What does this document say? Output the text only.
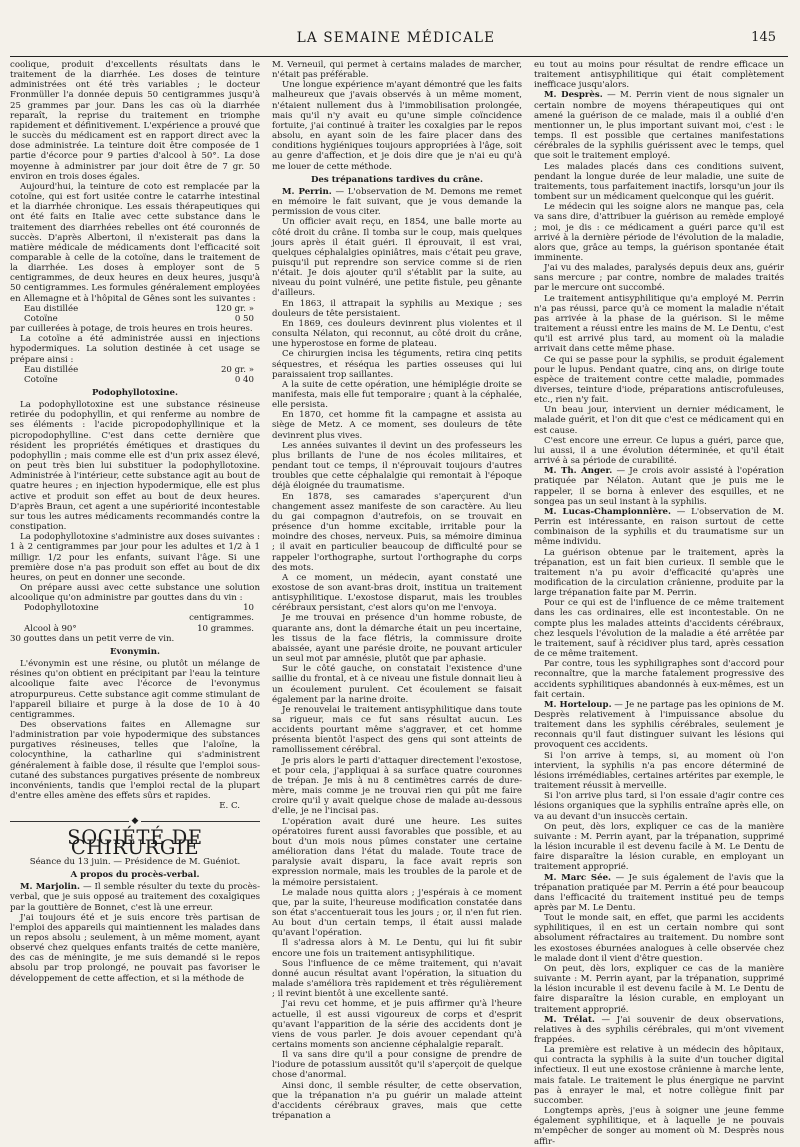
LA SEMAINE MÉDICALE	145

coolique, produit d'excellents résultats dans le traitement de la diarrhée. Les doses de teinture administrées ont été très variables ; le docteur Fronmüller l'a donnée depuis 50 centigrammes jusqu'à 25 grammes par jour. Dans les cas où la diarrhée reparaît, la reprise du traitement en triomphe rapidement et définitivement. L'expérience a prouvé que le succès du médicament est en rapport direct avec la dose administrée. La teinture doit être composée de 1 partie d'écorce pour 9 parties d'alcool à 50°. La dose moyenne à administrer par jour doit être de 7 gr. 50 environ en trois doses égales.

Aujourd'hui, la teinture de coto est remplacée par la cotoïne, qui est fort usitée contre le catarrhe intestinal et la diarrhée chronique. Les essais thérapeutiques qui ont été faits en Italie avec cette substance dans le traitement des diarrhées rebelles ont été couronnés de succès. D'après Albertoni, il n'existerait pas dans la matière médicale de médicaments dont l'efficacité soit comparable à celle de la cotoïne, dans le traitement de la diarrhée. Les doses à employer sont de 5 centigrammes, de deux heures en deux heures, jusqu'à 50 centigrammes. Les formules généralement employées en Allemagne et à l'hôpital de Gênes sont les suivantes :

Eau distillée	120 gr. »
Cotoïne	0 50

par cuillerées à potage, de trois heures en trois heures.

La cotoïne a été administrée aussi en injections hypodermiques. La solution destinée à cet usage se prépare ainsi :

Eau distillée	20 gr. »
Cotoïne	0 40
Podophyllotoxine.

La podophyllotoxine est une substance résineuse retirée du podophyllin, et qui renferme au nombre de ses éléments : l'acide picropodophyllinique et la picropodophylline. C'est dans cette dernière que résident les propriétés émétiques et drastiques du podophyllin ; mais comme elle est d'un prix assez élevé, on peut très bien lui substituer la podophyllotoxine. Administrée à l'intérieur, cette substance agit au bout de quatre heures ; en injection hypodermique, elle est plus active et produit son effet au bout de deux heures. D'après Braun, cet agent a une supériorité incontestable sur tous les autres médicaments recommandés contre la constipation.

La podophyllotoxine s'administre aux doses suivantes : 1 à 2 centigrammes par jour pour les adultes et 1/2 à 1 milligr. 1/2 pour les enfants, suivant l'âge. Si une première dose n'a pas produit son effet au bout de dix heures, on peut en donner une seconde.

On prépare aussi avec cette substance une solution alcoolique qu'on administre par gouttes dans du vin :

Podophyllotoxine	10 centigrammes.
Alcool à 90°	10 grammes.

30 gouttes dans un petit verre de vin.

Evonymin.

L'évonymin est une résine, ou plutôt un mélange de résines qu'on obtient en précipitant par l'eau la teinture alcoolique faite avec l'écorce de l'evonymus atropurpureus. Cette substance agit comme stimulant de l'appareil biliaire et purge à la dose de 10 à 40 centigrammes.

Des observations faites en Allemagne sur l'administration par voie hypodermique des substances purgatives résineuses, telles que l'aloïne, la colocynthine, la catharline qui s'administrent généralement à faible dose, il résulte que l'emploi sous-cutané des substances purgatives présente de nombreux inconvénients, tandis que l'emploi rectal de la plupart d'entre elles amène des effets sûrs et rapides.

E. C.
◆
SOCIÉTÉ DE CHIRURGIE
Séance du 13 juin. — Présidence de M. Guéniot.
A propos du procès-verbal.

M. Marjolin. — Il semble résulter du texte du procès-verbal, que je suis opposé au traitement des coxalgiques par la gouttière de Bonnet, c'est là une erreur.

J'ai toujours été et je suis encore très partisan de l'emploi des appareils qui maintiennent les malades dans un repos absolu ; seulement, à un même moment, ayant observé chez quelques enfants traités de cette manière, des cas de méningite, je me suis demandé si le repos absolu par trop prolongé, ne pouvait pas favoriser le développement de cette affection, et si la méthode de

M. Verneuil, qui permet à certains malades de marcher, n'était pas préférable.

Une longue expérience m'ayant démontré que les faits malheureux que j'avais observés à un même moment, n'étaient nullement dus à l'immobilisation prolongée, mais qu'il n'y avait eu qu'une simple coïncidence fortuite, j'ai continué à traiter les coxalgies par le repos absolu, en ayant soin de les faire placer dans des conditions hygiéniques toujours appropriées à l'âge, soit au genre d'affection, et je dois dire que je n'ai eu qu'à me louer de cette méthode.

Des trépanations tardives du crâne.

M. Perrin. — L'observation de M. Demons me remet en mémoire le fait suivant, que je vous demande la permission de vous citer.

Un officier avait reçu, en 1854, une balle morte au côté droit du crâne. Il tomba sur le coup, mais quelques jours après il était guéri. Il éprouvait, il est vrai, quelques céphalalgies opiniâtres, mais c'était peu grave, puisqu'il put reprendre son service comme si de rien n'était. Je dois ajouter qu'il s'établit par la suite, au niveau du point vulnéré, une petite fistule, peu gênante d'ailleurs.

En 1863, il attrapait la syphilis au Mexique ; ses douleurs de tête persistaient.

En 1869, ces douleurs devinrent plus violentes et il consulta Nélaton, qui reconnut, au côté droit du crâne, une hyperostose en forme de plateau.

Ce chirurgien incisa les téguments, retira cinq petits séquestres, et réséqua les parties osseuses qui lui paraissaient trop saillantes.

A la suite de cette opération, une hémiplégie droite se manifesta, mais elle fut temporaire ; quant à la céphalée, elle persista.

En 1870, cet homme fit la campagne et assista au siège de Metz. A ce moment, ses douleurs de tête devinrent plus vives.

Les années suivantes il devint un des professeurs les plus brillants de l'une de nos écoles militaires, et pendant tout ce temps, il n'éprouvait toujours d'autres troubles que cette céphalalgie qui remontait à l'époque déjà éloignée du traumatisme.

En 1878, ses camarades s'aperçurent d'un changement assez manifeste de son caractère. Au lieu du gai compagnon d'autrefois, on se trouvait en présence d'un homme excitable, irritable pour la moindre des choses, nerveux. Puis, sa mémoire diminua ; il avait en particulier beaucoup de difficulté pour se rappeler l'orthographe, surtout l'orthographe du corps des mots.

A ce moment, un médecin, ayant constaté une exostose de son avant-bras droit, institua un traitement antisyphilitique. L'exostose disparut, mais les troubles cérébraux persistant, c'est alors qu'on me l'envoya.

Je me trouvai en présence d'un homme robuste, de quarante ans, dont la démarche était un peu incertaine, les tissus de la face flétris, la commissure droite abaissée, ayant une parésie droite, ne pouvant articuler un seul mot par amnésie, plutôt que par aphasie.

Sur le côté gauche, on constatait l'existence d'une saillie du frontal, et à ce niveau une fistule donnait lieu à un écoulement purulent. Cet écoulement se faisait également par la narine droite.

Je renouvelai le traitement antisyphilitique dans toute sa rigueur, mais ce fut sans résultat aucun. Les accidents pourtant même s'aggraver, et cet homme présenta bientôt l'aspect des gens qui sont atteints de ramollissement cérébral.

Je pris alors le parti d'attaquer directement l'exostose, et pour cela, j'appliquai à sa surface quatre couronnes de trépan. Je mis à nu 8 centimètres carrés de dure-mère, mais comme je ne trouvai rien qui pût me faire croire qu'il y avait quelque chose de malade au-dessous d'elle, je ne l'incisai pas.

L'opération avait duré une heure. Les suites opératoires furent aussi favorables que possible, et au bout d'un mois nous pûmes constater une certaine amélioration dans l'état du malade. Toute trace de paralysie avait disparu, la face avait repris son expression normale, mais les troubles de la parole et de la mémoire persistaient.

Le malade nous quitta alors ; j'espérais à ce moment que, par la suite, l'heureuse modification constatée dans son état s'accentuerait tous les jours ; or, il n'en fut rien. Au bout d'un certain temps, il était aussi malade qu'avant l'opération.

Il s'adressa alors à M. Le Dentu, qui lui fit subir encore une fois un traitement antisyphilitique.

Sous l'influence de ce même traitement, qui n'avait donné aucun résultat avant l'opération, la situation du malade s'améliora très rapidement et très régulièrement ; il revint bientôt à une excellente santé.

J'ai revu cet homme, et je puis affirmer qu'à l'heure actuelle, il est aussi vigoureux de corps et d'esprit qu'avant l'apparition de la série des accidents dont je viens de vous parler. Je dois avouer cependant qu'à certains moments son ancienne céphalalgie reparaît.

Il va sans dire qu'il a pour consigne de prendre de l'iodure de potassium aussitôt qu'il s'aperçoit de quelque chose d'anormal.

Ainsi donc, il semble résulter, de cette observation, que la trépanation n'a pu guérir un malade atteint d'accidents cérébraux graves, mais que cette trépanation a

eu tout au moins pour résultat de rendre efficace un traitement antisyphilitique qui était complètement inefficace jusqu'alors.

M. Desprès. — M. Perrin vient de nous signaler un certain nombre de moyens thérapeutiques qui ont amené la guérison de ce malade, mais il a oublié d'en mentionner un, le plus important suivant moi, c'est : le temps. Il est possible que certaines manifestations cérébrales de la syphilis guérissent avec le temps, quel que soit le traitement employé.

Les malades placés dans ces conditions suivent, pendant la longue durée de leur maladie, une suite de traitements, tous parfaitement inactifs, lorsqu'un jour ils tombent sur un médicament quelconque qui les guérit.

Le médecin qui les soigne alors ne manque pas, cela va sans dire, d'attribuer la guérison au remède employé ; moi, je dis : ce médicament a guéri parce qu'il est arrivé à la dernière période de l'évolution de la maladie, alors que, grâce au temps, la guérison spontanée était imminente.

J'ai vu des malades, paralysés depuis deux ans, guérir sans mercure ; par contre, nombre de malades traités par le mercure ont succombé.

Le traitement antisyphilitique qu'a employé M. Perrin n'a pas réussi, parce qu'à ce moment la maladie n'était pas arrivée à la phase de la guérison. Si le même traitement a réussi entre les mains de M. Le Dentu, c'est qu'il est arrivé plus tard, au moment où la maladie arrivait dans cette même phase.

Ce qui se passe pour la syphilis, se produit également pour le lupus. Pendant quatre, cinq ans, on dirige toute espèce de traitement contre cette maladie, pommades diverses, teinture d'iode, préparations antiscrofuleuses, etc., rien n'y fait.

Un beau jour, intervient un dernier médicament, le malade guérit, et l'on dit que c'est ce médicament qui en est cause.

C'est encore une erreur. Ce lupus a guéri, parce que, lui aussi, il a une évolution déterminée, et qu'il était arrivé à sa période de curabilité.

M. Th. Anger. — Je crois avoir assisté à l'opération pratiquée par Nélaton. Autant que je puis me le rappeler, il se borna à enlever des esquilles, et ne songea pas un seul instant à la syphilis.

M. Lucas-Championnière. — L'observation de M. Perrin est intéressante, en raison surtout de cette combinaison de la syphilis et du traumatisme sur un même individu.

La guérison obtenue par le traitement, après la trépanation, est un fait bien curieux. Il semble que le traitement n'a pu avoir d'efficacité qu'après une modification de la circulation crânienne, produite par la large trépanation faite par M. Perrin.

Pour ce qui est de l'influence de ce même traitement dans les cas ordinaires, elle est incontestable. On ne compte plus les malades atteints d'accidents cérébraux, chez lesquels l'évolution de la maladie a été arrêtée par le traitement, sauf à récidiver plus tard, après cessation de ce même traitement.

Par contre, tous les syphiligraphes sont d'accord pour reconnaître, que la marche fatalement progressive des accidents syphilitiques abandonnés à eux-mêmes, est un fait certain.

M. Horteloup. — Je ne partage pas les opinions de M. Desprès relativement à l'impuissance absolue du traitement dans les syphilis cérébrales, seulement je reconnais qu'il faut distinguer suivant les lésions qui provoquent ces accidents.

Si l'on arrive à temps, si, au moment où l'on intervient, la syphilis n'a pas encore déterminé de lésions irrémédiables, certaines artérites par exemple, le traitement réussit à merveille.

Si l'on arrive plus tard, si l'on essaie d'agir contre ces lésions organiques que la syphilis entraîne après elle, on va au devant d'un insuccès certain.

On peut, dès lors, expliquer ce cas de la manière suivante : M. Perrin ayant, par la trépanation, supprimé la lésion incurable il est devenu facile à M. Le Dentu de faire disparaître la lésion curable, en employant un traitement approprié.

M. Marc Sée. — Je suis également de l'avis que la trépanation pratiquée par M. Perrin a été pour beaucoup dans l'efficacité du traitement institué peu de temps après par M. Le Dentu.

Tout le monde sait, en effet, que parmi les accidents syphilitiques, il en est un certain nombre qui sont absolument réfractaires au traitement. Du nombre sont les exostoses éburnées analogues à celle observée chez le malade dont il vient d'être question.

On peut, dès lors, expliquer ce cas de la manière suivante : M. Perrin ayant, par la trépanation, supprimé la lésion incurable il est devenu facile à M. Le Dentu de faire disparaître la lésion curable, en employant un traitement approprié.

M. Trélat. — J'ai souvenir de deux observations, relatives à des syphilis cérébrales, qui m'ont vivement frappées.

La première est relative à un médecin des hôpitaux, qui contracta la syphilis à la suite d'un toucher digital infectieux. Il eut une exostose crânienne à marche lente, mais fatale. Le traitement le plus énergique ne parvint pas à enrayer le mal, et notre collègue finit par succomber.

Longtemps après, j'eus à soigner une jeune femme également syphilitique, et à laquelle je ne pouvais m'empêcher de songer au moment où M. Desprès nous affir-
